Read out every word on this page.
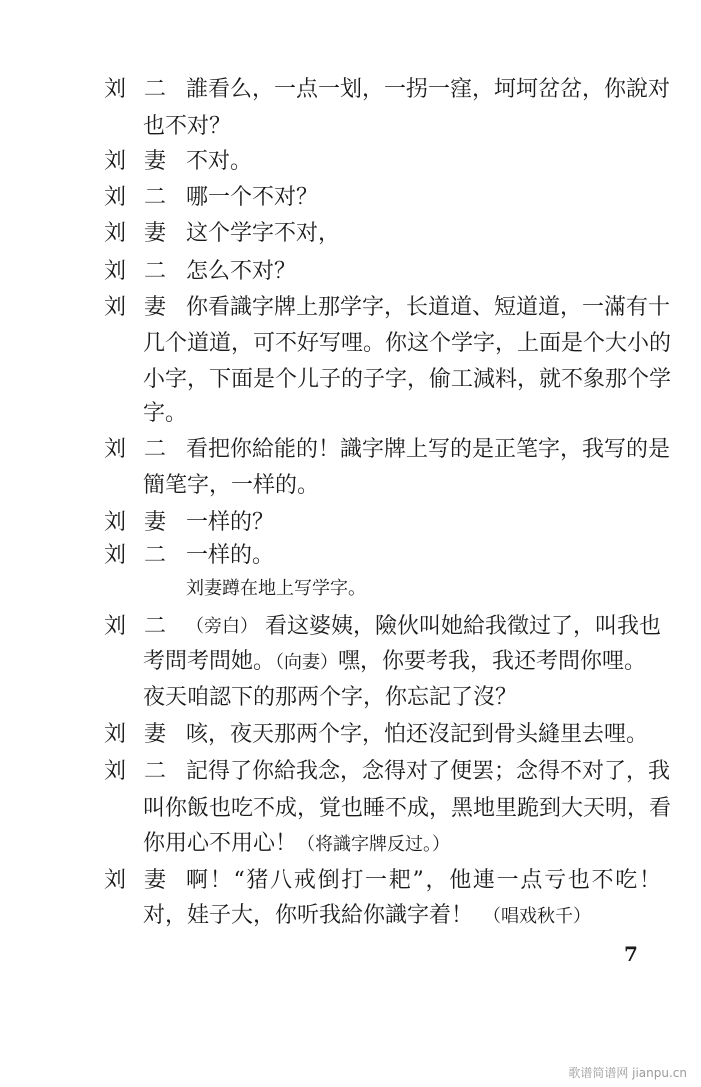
刘二 誰看么，一点一划，一拐一窪，坷坷岔岔，你說对
也不对？
刘妻 不对。
刘二 哪一个不对？
刘妻 这个学字不对，
刘二 怎么不对？
刘妻 你看識字牌上那学字，长道道、短道道，一滿有十
几个道道，可不好写哩。你这个学字，上面是个大小的
小字，下面是个儿子的子字，偷工減料，就不象那个学
字。
刘二 看把你給能的！識字牌上写的是正笔字，我写的是
簡笔字，一样的。
刘妻 一样的？
刘二 一样的。
刘妻蹲在地上写学字。
刘二 （旁白） 看这婆姨，險伙叫她給我徵过了，叫我也
考問考問她。（向妻）嘿，你要考我，我还考問你哩。
夜天咱認下的那两个字，你忘記了沒？
刘妻 咳，夜天那两个字，怕还沒記到骨头縫里去哩。
刘二 記得了你給我念，念得对了便罢；念得不对了，我
叫你飯也吃不成，覚也睡不成，黑地里跪到大天明，看
你用心不用心！（将識字牌反过。）
刘妻 啊！“猪八戒倒打一耙”，他連一点亏也不吃！
对，娃子大，你听我給你識字着！ （唱戏秋千）
7
歌谱简谱网 jianpu.cn
